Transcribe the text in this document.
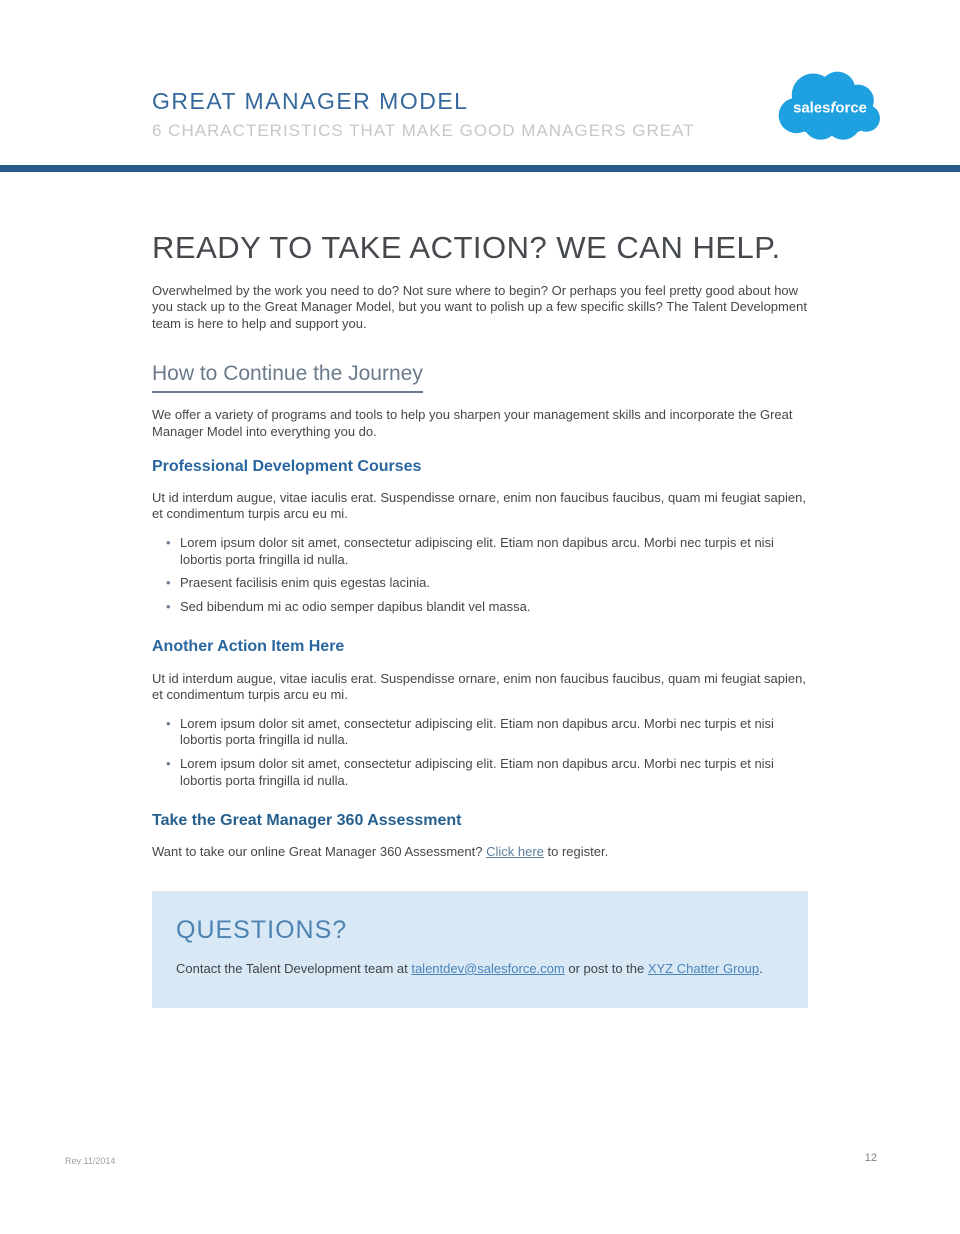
GREAT MANAGER MODEL
6 CHARACTERISTICS THAT MAKE GOOD MANAGERS GREAT
salesforce
READY TO TAKE ACTION? WE CAN HELP.

Overwhelmed by the work you need to do? Not sure where to begin? Or perhaps you feel pretty good about how you stack up to the Great Manager Model, but you want to polish up a few specific skills? The Talent Development team is here to help and support you.

How to Continue the Journey

We offer a variety of programs and tools to help you sharpen your management skills and incorporate the Great Manager Model into everything you do.

Professional Development Courses

Ut id interdum augue, vitae iaculis erat. Suspendisse ornare, enim non faucibus faucibus, quam mi feugiat sapien, et condimentum turpis arcu eu mi.

• Lorem ipsum dolor sit amet, consectetur adipiscing elit. Etiam non dapibus arcu. Morbi nec turpis et nisi lobortis porta fringilla id nulla.
• Praesent facilisis enim quis egestas lacinia.
• Sed bibendum mi ac odio semper dapibus blandit vel massa.
Another Action Item Here

Ut id interdum augue, vitae iaculis erat. Suspendisse ornare, enim non faucibus faucibus, quam mi feugiat sapien, et condimentum turpis arcu eu mi.

• Lorem ipsum dolor sit amet, consectetur adipiscing elit. Etiam non dapibus arcu. Morbi nec turpis et nisi lobortis porta fringilla id nulla.
• Lorem ipsum dolor sit amet, consectetur adipiscing elit. Etiam non dapibus arcu. Morbi nec turpis et nisi lobortis porta fringilla id nulla.
Take the Great Manager 360 Assessment

Want to take our online Great Manager 360 Assessment? Click here to register.

QUESTIONS?

Contact the Talent Development team at talentdev@salesforce.com or post to the XYZ Chatter Group.

Rev 11/2014	12
